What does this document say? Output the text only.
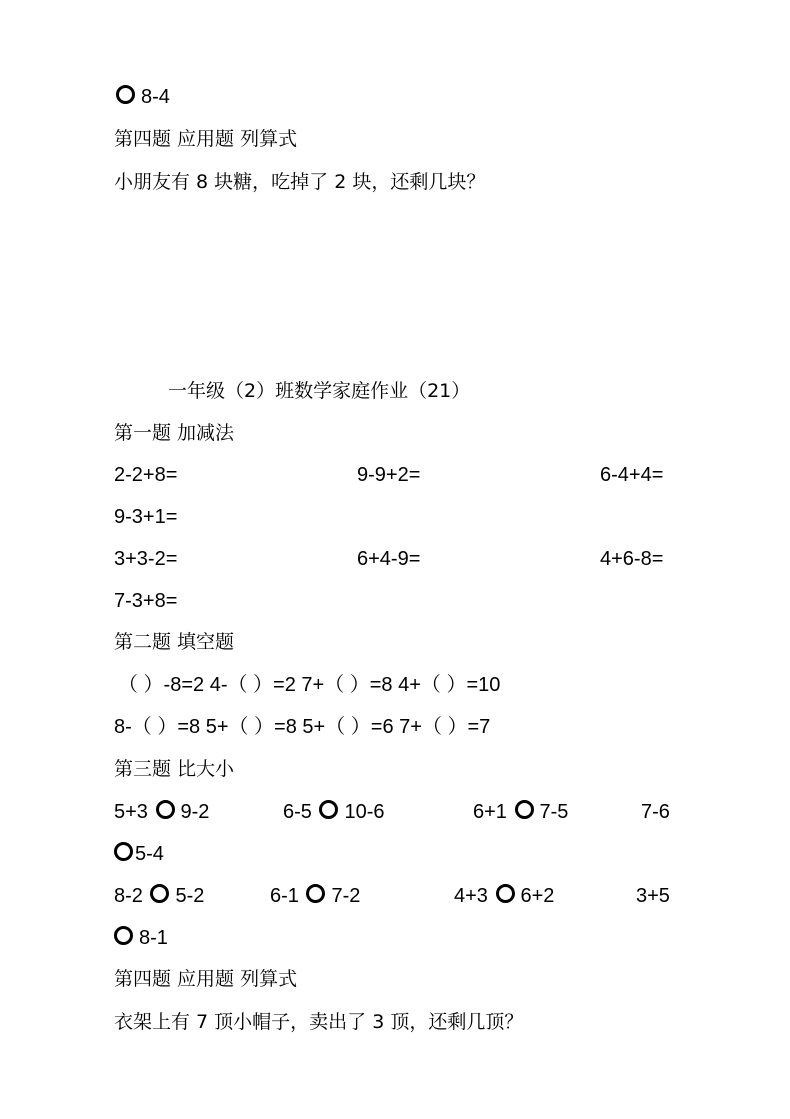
8-4
第四题 应用题 列算式
小朋友有 8 块糖，吃掉了 2 块，还剩几块？
一年级（2）班数学家庭作业（21）
第一题 加减法
2-2+8=	9-9+2=	6-4+4=
9-3+1=
3+3-2=	6+4-9=	4+6-8=
7-3+8=
第二题 填空题
（ ）-8=2 4-（ ）=2 7+（ ）=8 4+（ ）=10
8-（ ）=8 5+（ ）=8 5+（ ）=6 7+（ ）=7
第三题 比大小
5+3 9-2	6-5 10-6	6+1 7-5	7-6
5-4
8-2 5-2	6-1 7-2	4+3 6+2	3+5
8-1
第四题 应用题 列算式
衣架上有 7 顶小帽子，卖出了 3 顶，还剩几顶？
